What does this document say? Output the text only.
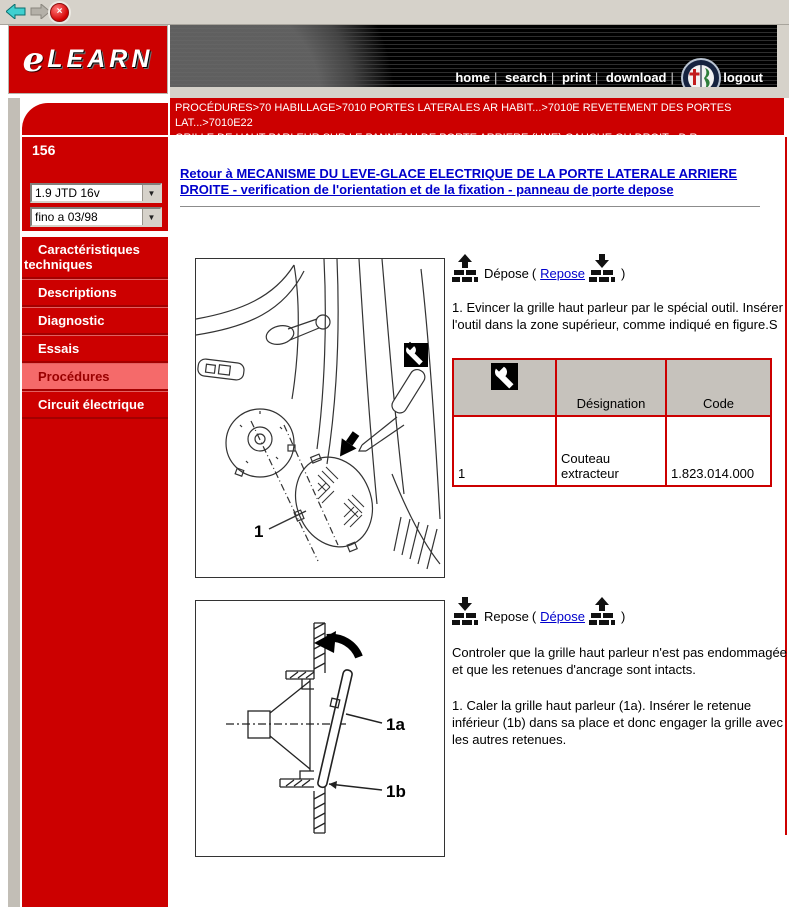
×
e LEARN
home | search | print | download |	logout
PROCÉDURES>70 HABILLAGE>7010 PORTES LATERALES AR HABIT...>7010E REVETEMENT DES PORTES LAT...>7010E22
GRILLE DE HAUT-PARLEUR SUR LE PANNEAU DE PORTE ARRIERE (UNE) GAUCHE OU DROIT - D.R
156
1.9 JTD 16v	▼
fino a 03/98	▼
Caractéristiques techniques
Descriptions
Diagnostic
Essais
Procédures
Circuit électrique
Retour à MECANISME DU LEVE-GLACE ELECTRIQUE DE LA PORTE LATERALE ARRIERE DROITE - verification de l'orientation et de la fixation - panneau de porte depose
1
Dépose ( Repose	)
1. Evincer la grille haut parleur par le spécial outil. Insérer l'outil dans la zone supérieur, comme indiqué en figure.S
	Désignation	Code
1	Couteau extracteur	1.823.014.000
1a
1b
Repose ( Dépose	)
Controler que la grille haut parleur n'est pas endommagée et que les retenues d'ancrage sont intacts.
1. Caler la grille haut parleur (1a). Insérer le retenue inférieur (1b) dans sa place et donc engager la grille avec les autres retenues.
